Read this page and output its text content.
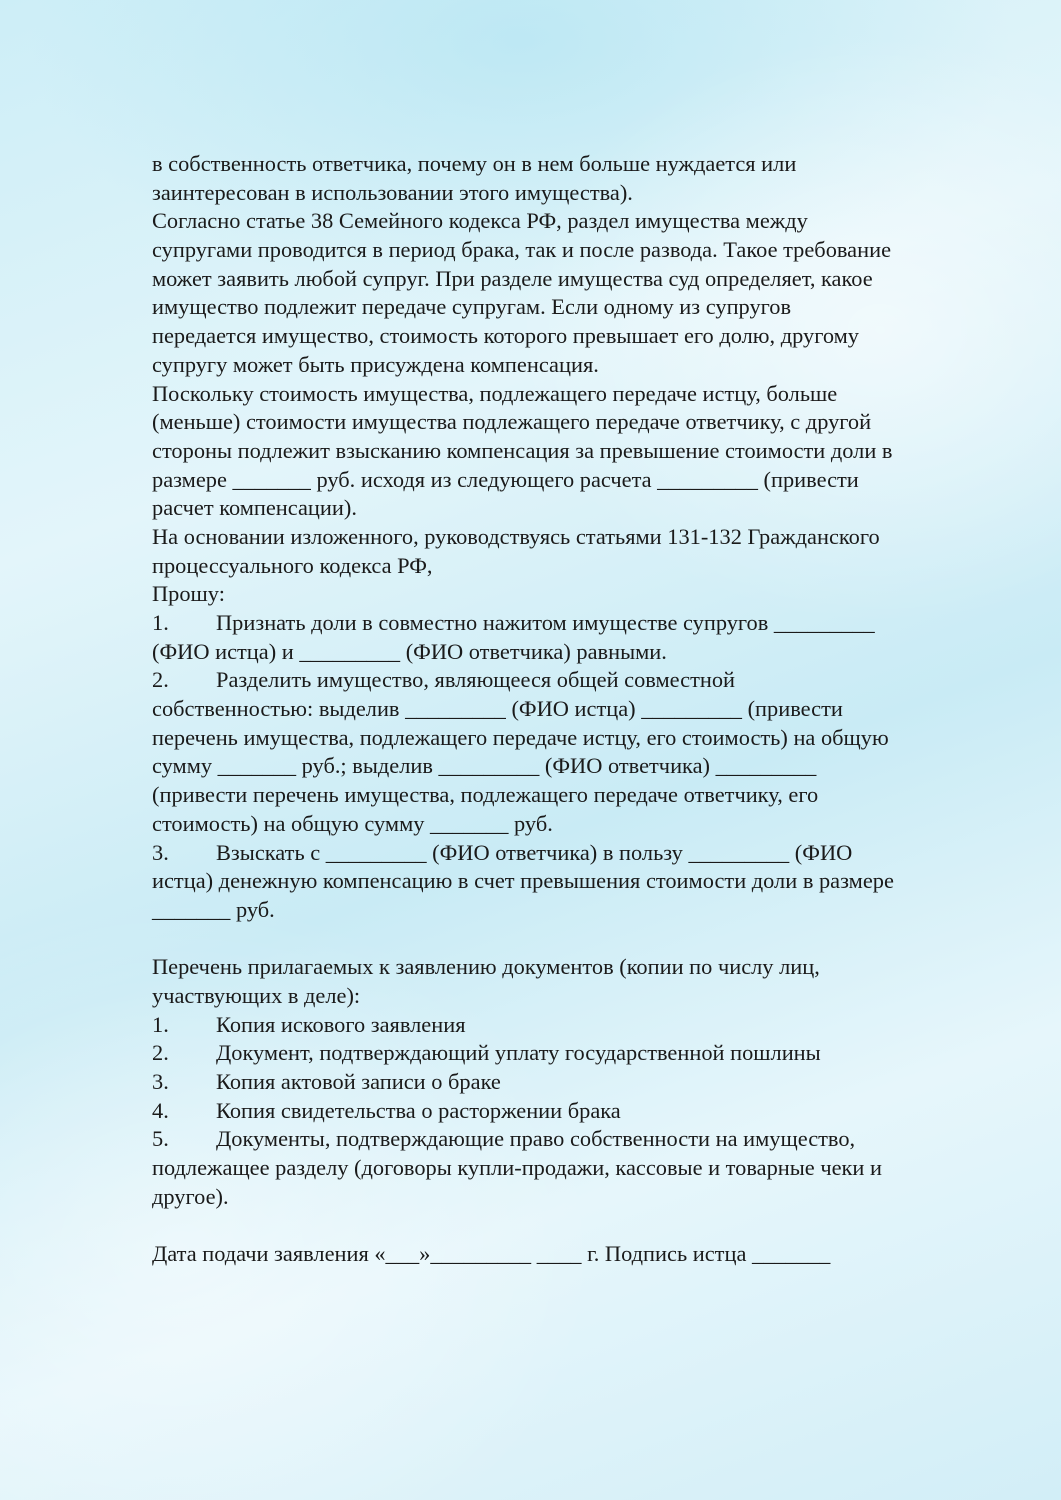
в собственность ответчика, почему он в нем больше нуждается или
заинтересован в использовании этого имущества).
Согласно статье 38 Семейного кодекса РФ, раздел имущества между
супругами проводится в период брака, так и после развода. Такое требование
может заявить любой супруг. При разделе имущества суд определяет, какое
имущество подлежит передаче супругам. Если одному из супругов
передается имущество, стоимость которого превышает его долю, другому
супругу может быть присуждена компенсация.
Поскольку стоимость имущества, подлежащего передаче истцу, больше
(меньше) стоимости имущества подлежащего передаче ответчику, с другой
стороны подлежит взысканию компенсация за превышение стоимости доли в
размере _______ руб. исходя из следующего расчета _________ (привести
расчет компенсации).
На основании изложенного, руководствуясь статьями 131-132 Гражданского
процессуального кодекса РФ,
Прошу:
1. Признать доли в совместно нажитом имуществе супругов _________
(ФИО истца) и _________ (ФИО ответчика) равными.
2. Разделить имущество, являющееся общей совместной
собственностью: выделив _________ (ФИО истца) _________ (привести
перечень имущества, подлежащего передаче истцу, его стоимость) на общую
сумму _______ руб.; выделив _________ (ФИО ответчика) _________
(привести перечень имущества, подлежащего передаче ответчику, его
стоимость) на общую сумму _______ руб.
3. Взыскать с _________ (ФИО ответчика) в пользу _________ (ФИО
истца) денежную компенсацию в счет превышения стоимости доли в размере
_______ руб.
Перечень прилагаемых к заявлению документов (копии по числу лиц,
участвующих в деле):
1. Копия искового заявления
2. Документ, подтверждающий уплату государственной пошлины
3. Копия актовой записи о браке
4. Копия свидетельства о расторжении брака
5. Документы, подтверждающие право собственности на имущество,
подлежащее разделу (договоры купли-продажи, кассовые и товарные чеки и
другое).
Дата подачи заявления «___»_________ ____ г. Подпись истца _______
